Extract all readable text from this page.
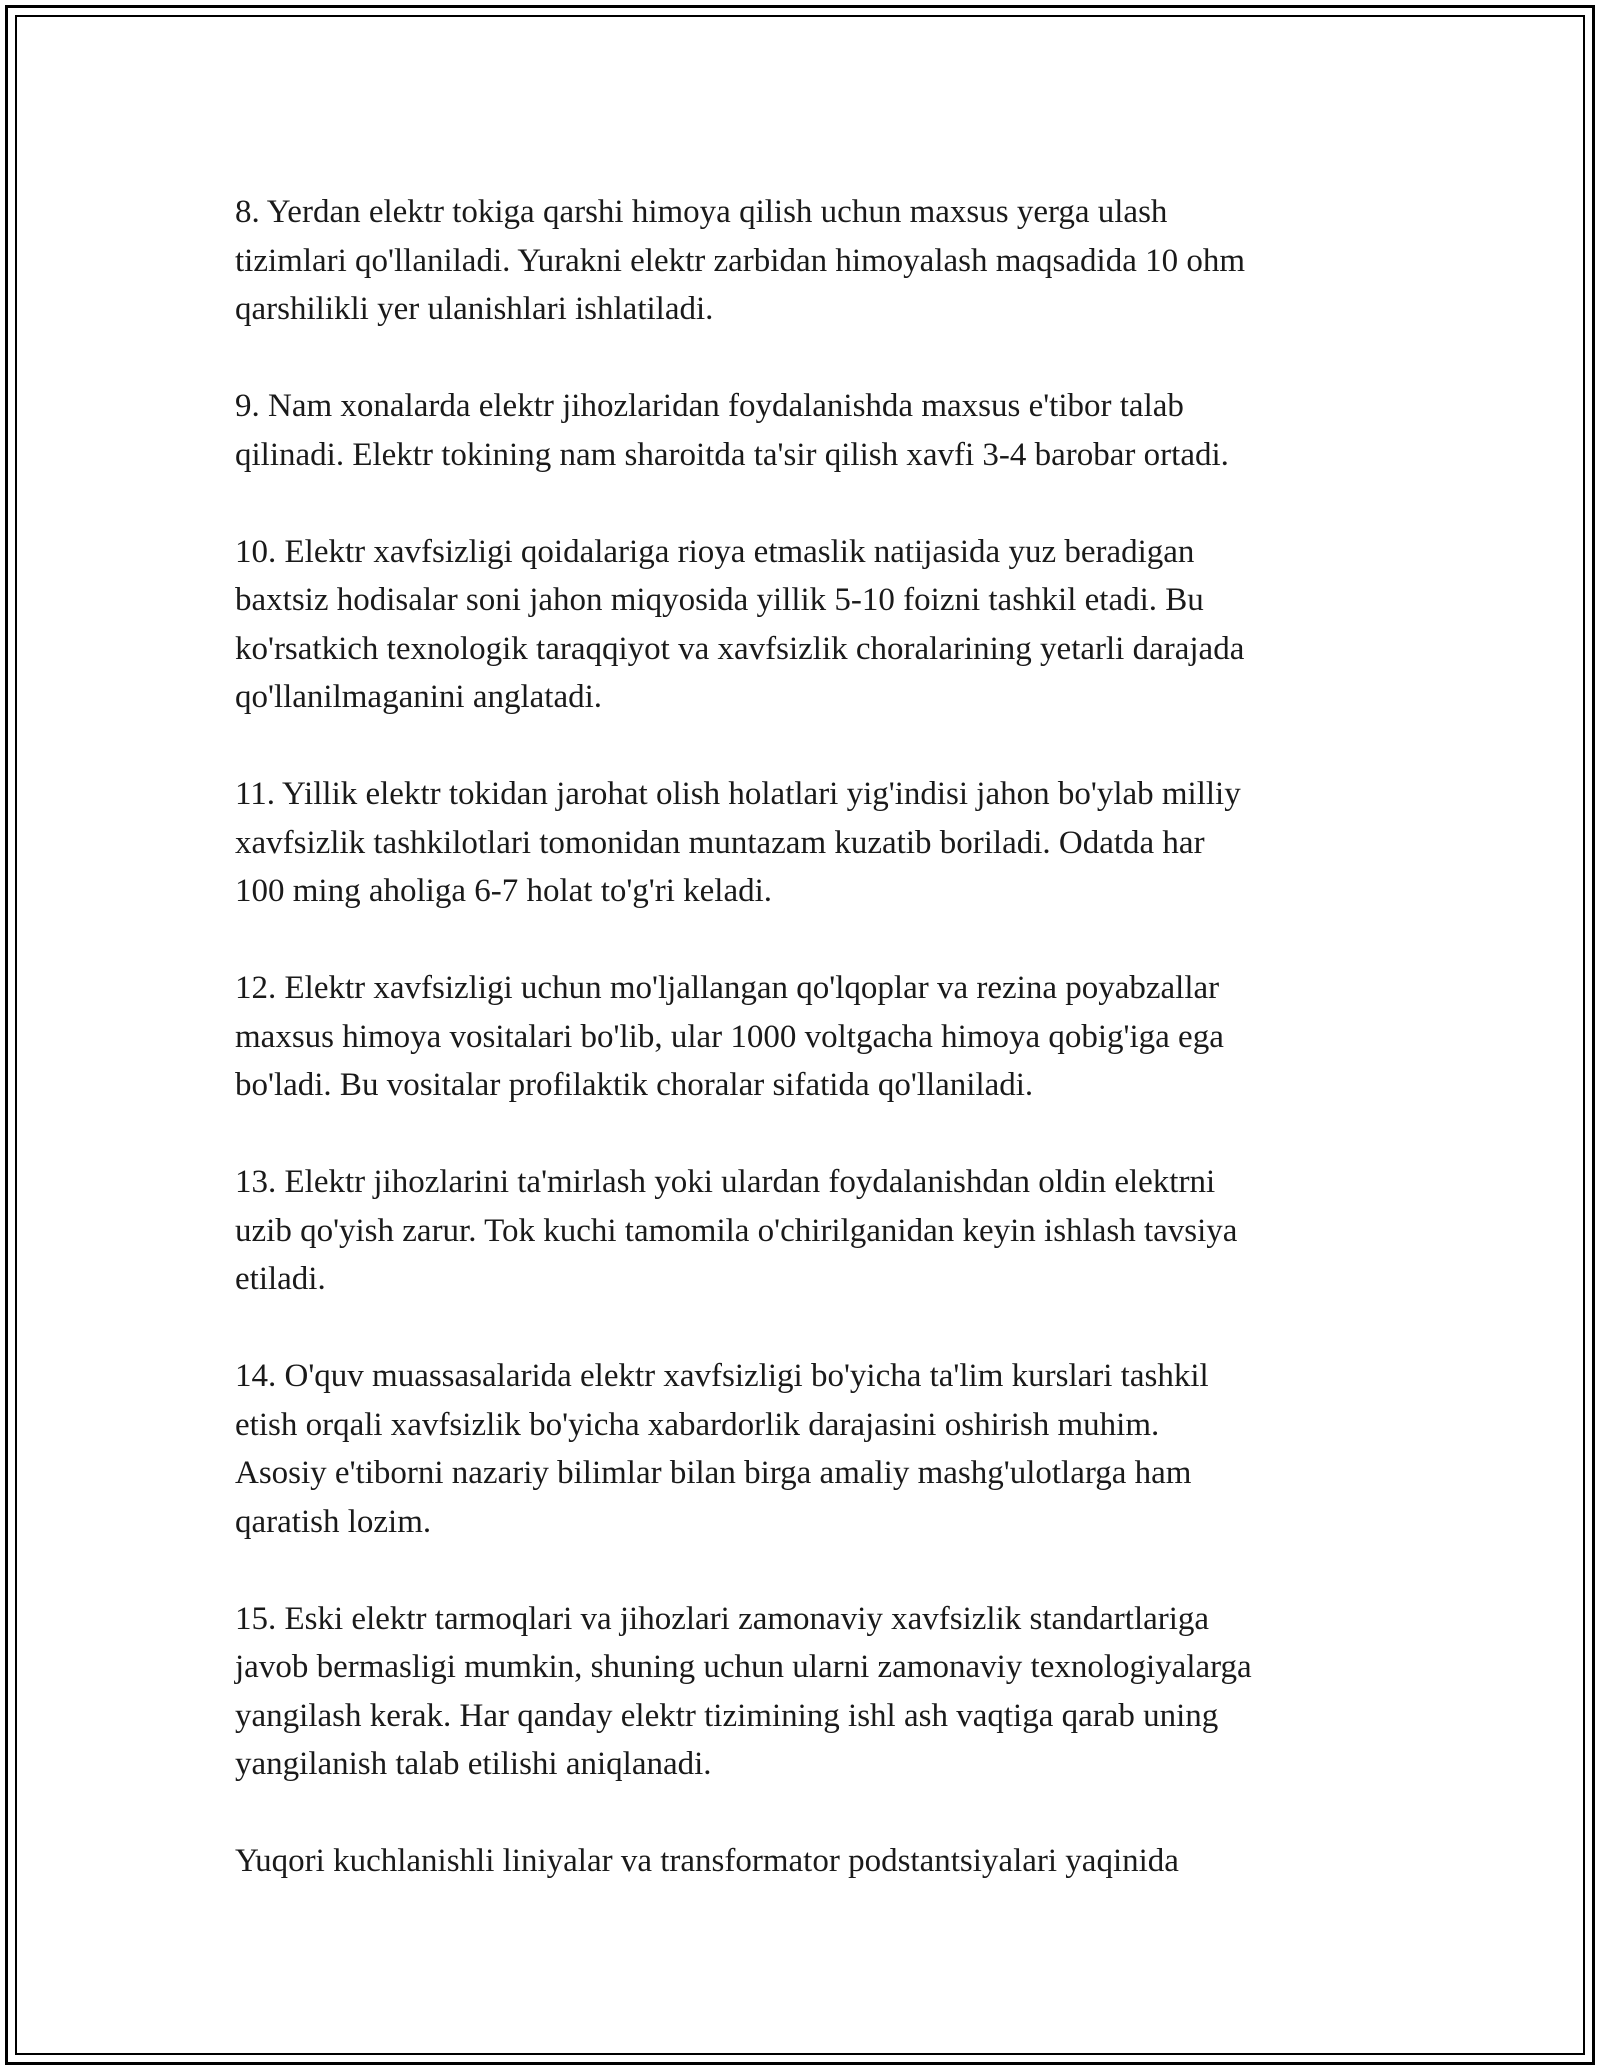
8. Yerdan elektr tokiga qarshi himoya qilish uchun maxsus yerga ulash
tizimlari qo'llaniladi. Yurakni elektr zarbidan himoyalash maqsadida 10 ohm
qarshilikli yer ulanishlari ishlatiladi.

9. Nam xonalarda elektr jihozlaridan foydalanishda maxsus e'tibor talab
qilinadi. Elektr tokining nam sharoitda ta'sir qilish xavfi 3-4 barobar ortadi.

10. Elektr xavfsizligi qoidalariga rioya etmaslik natijasida yuz beradigan
baxtsiz hodisalar soni jahon miqyosida yillik 5-10 foizni tashkil etadi. Bu
ko'rsatkich texnologik taraqqiyot va xavfsizlik choralarining yetarli darajada
qo'llanilmaganini anglatadi.

11. Yillik elektr tokidan jarohat olish holatlari yig'indisi jahon bo'ylab milliy
xavfsizlik tashkilotlari tomonidan muntazam kuzatib boriladi. Odatda har
100 ming aholiga 6-7 holat to'g'ri keladi.

12. Elektr xavfsizligi uchun mo'ljallangan qo'lqoplar va rezina poyabzallar
maxsus himoya vositalari bo'lib, ular 1000 voltgacha himoya qobig'iga ega
bo'ladi. Bu vositalar profilaktik choralar sifatida qo'llaniladi.

13. Elektr jihozlarini ta'mirlash yoki ulardan foydalanishdan oldin elektrni
uzib qo'yish zarur. Tok kuchi tamomila o'chirilganidan keyin ishlash tavsiya
etiladi.

14. O'quv muassasalarida elektr xavfsizligi bo'yicha ta'lim kurslari tashkil
etish orqali xavfsizlik bo'yicha xabardorlik darajasini oshirish muhim.
Asosiy e'tiborni nazariy bilimlar bilan birga amaliy mashg'ulotlarga ham
qaratish lozim.

15. Eski elektr tarmoqlari va jihozlari zamonaviy xavfsizlik standartlariga
javob bermasligi mumkin, shuning uchun ularni zamonaviy texnologiyalarga
yangilash kerak. Har qanday elektr tizimining ishl ash vaqtiga qarab uning
yangilanish talab etilishi aniqlanadi.

Yuqori kuchlanishli liniyalar va transformator podstantsiyalari yaqinida
